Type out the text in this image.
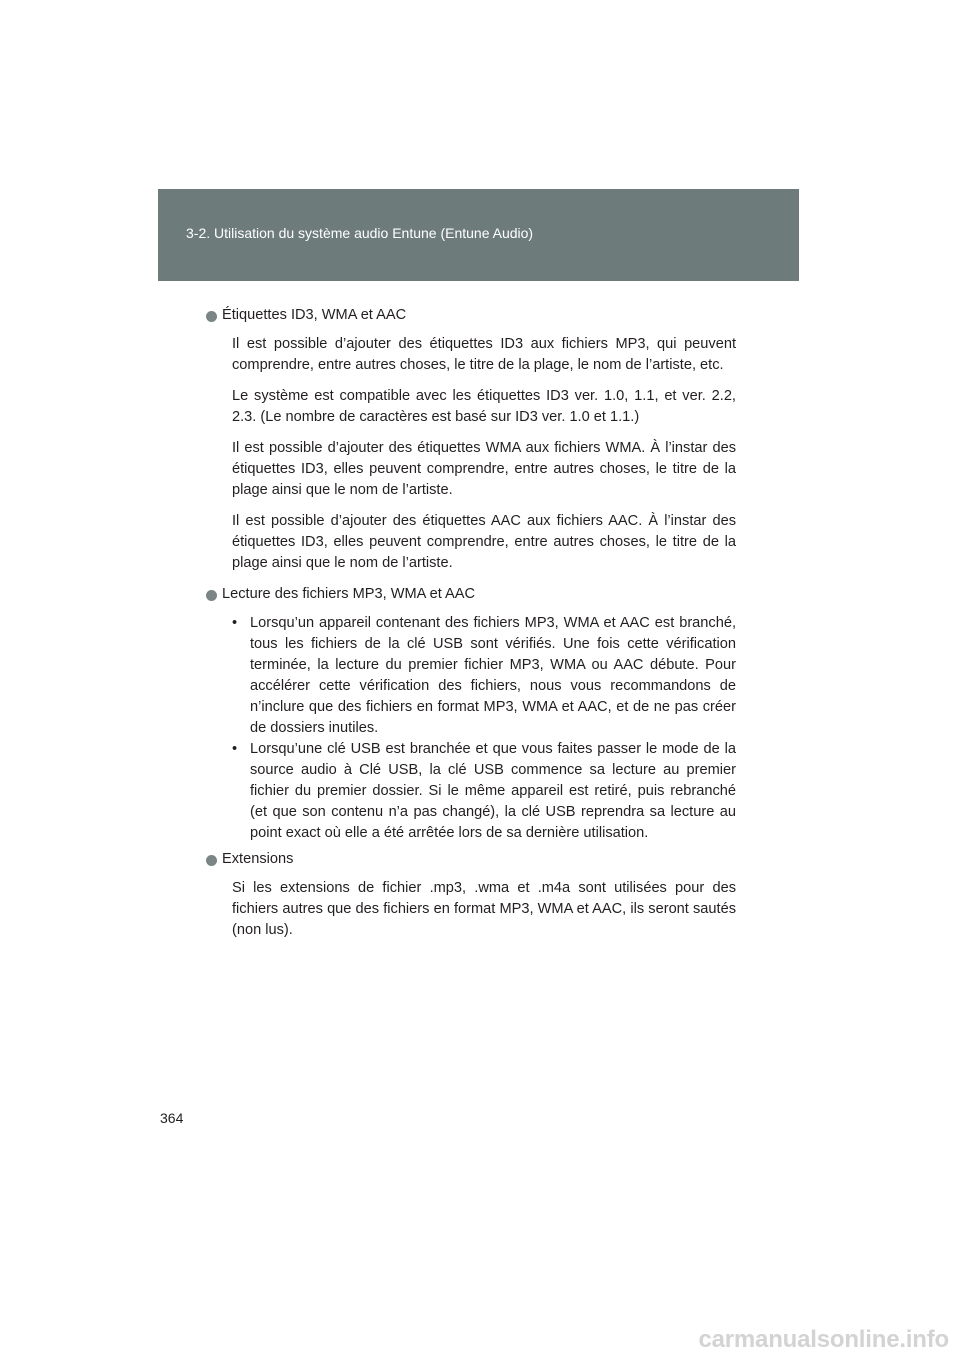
3-2. Utilisation du système audio Entune (Entune Audio)
Étiquettes ID3, WMA et AAC

Il est possible d’ajouter des étiquettes ID3 aux fichiers MP3, qui peuvent comprendre, entre autres choses, le titre de la plage, le nom de l’artiste, etc.

Le système est compatible avec les étiquettes ID3 ver. 1.0, 1.1, et ver. 2.2, 2.3. (Le nombre de caractères est basé sur ID3 ver. 1.0 et 1.1.)

Il est possible d’ajouter des étiquettes WMA aux fichiers WMA. À l’instar des étiquettes ID3, elles peuvent comprendre, entre autres choses, le titre de la plage ainsi que le nom de l’artiste.

Il est possible d’ajouter des étiquettes AAC aux fichiers AAC. À l’instar des étiquettes ID3, elles peuvent comprendre, entre autres choses, le titre de la plage ainsi que le nom de l’artiste.

Lecture des fichiers MP3, WMA et AAC
• Lorsqu’un appareil contenant des fichiers MP3, WMA et AAC est branché, tous les fichiers de la clé USB sont vérifiés. Une fois cette vérification terminée, la lecture du premier fichier MP3, WMA ou AAC débute. Pour accélérer cette vérification des fichiers, nous vous recommandons de n’inclure que des fichiers en format MP3, WMA et AAC, et de ne pas créer de dossiers inutiles.
• Lorsqu’une clé USB est branchée et que vous faites passer le mode de la source audio à Clé USB, la clé USB commence sa lecture au premier fichier du premier dossier. Si le même appareil est retiré, puis rebranché (et que son contenu n’a pas changé), la clé USB reprendra sa lecture au point exact où elle a été arrêtée lors de sa dernière utilisation.
Extensions

Si les extensions de fichier .mp3, .wma et .m4a sont utilisées pour des fichiers autres que des fichiers en format MP3, WMA et AAC, ils seront sautés (non lus).

364
carmanualsonline.info
